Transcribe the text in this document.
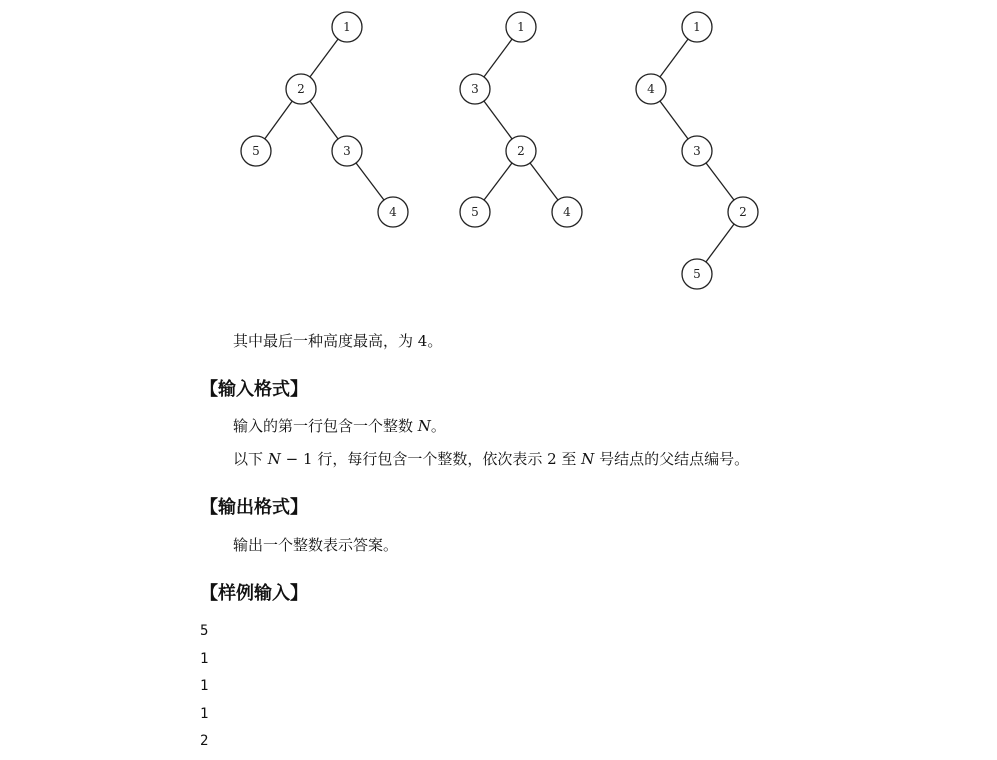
1
2
5	3
4
1
3
2
5	4
1
4
3
2
5
其中最后一种高度最高，为 4。
【输入格式】
输入的第一行包含一个整数 N。
以下 N − 1 行，每行包含一个整数，依次表示 2 至 N 号结点的父结点编号。
【输出格式】
输出一个整数表示答案。
【样例输入】
5
1
1
1
2
